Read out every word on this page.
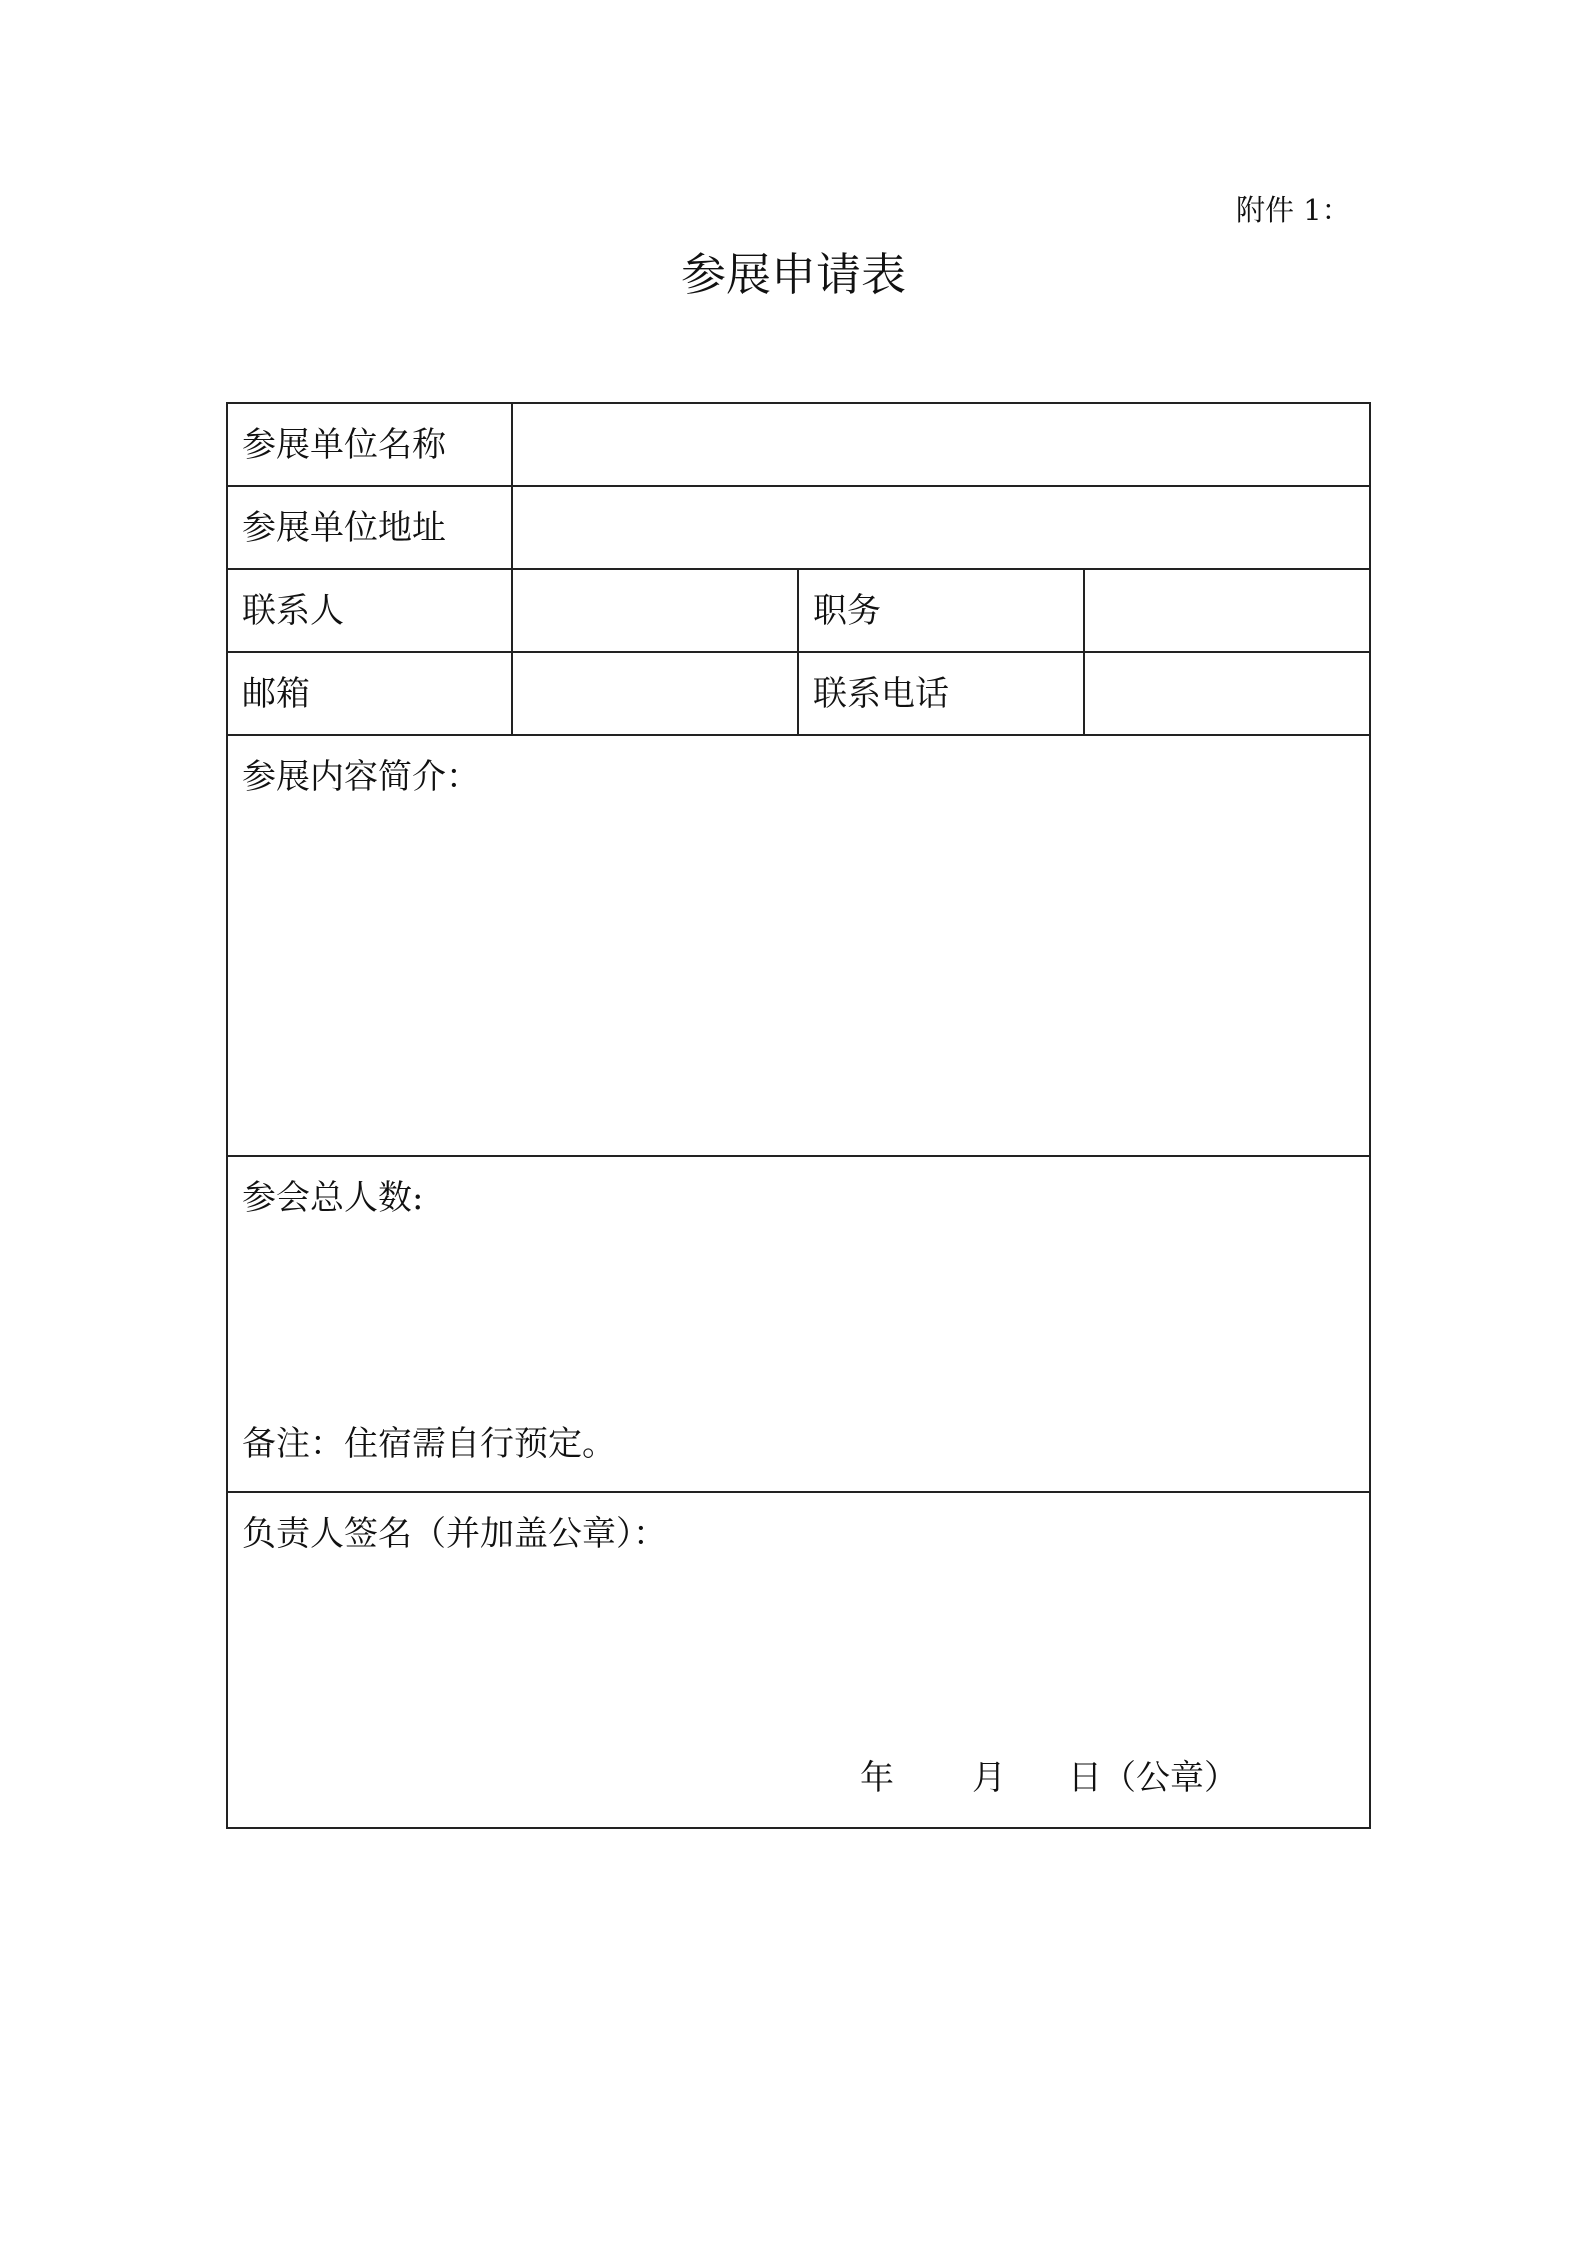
附件 1：
参展申请表
参展单位名称			
参展单位地址			
联系人		职务	
邮箱		联系电话	

参展内容简介：			

参会总人数:
备注：住宿需自行预定。			

负责人签名（并加盖公章）：
年 月 日（公章）			
